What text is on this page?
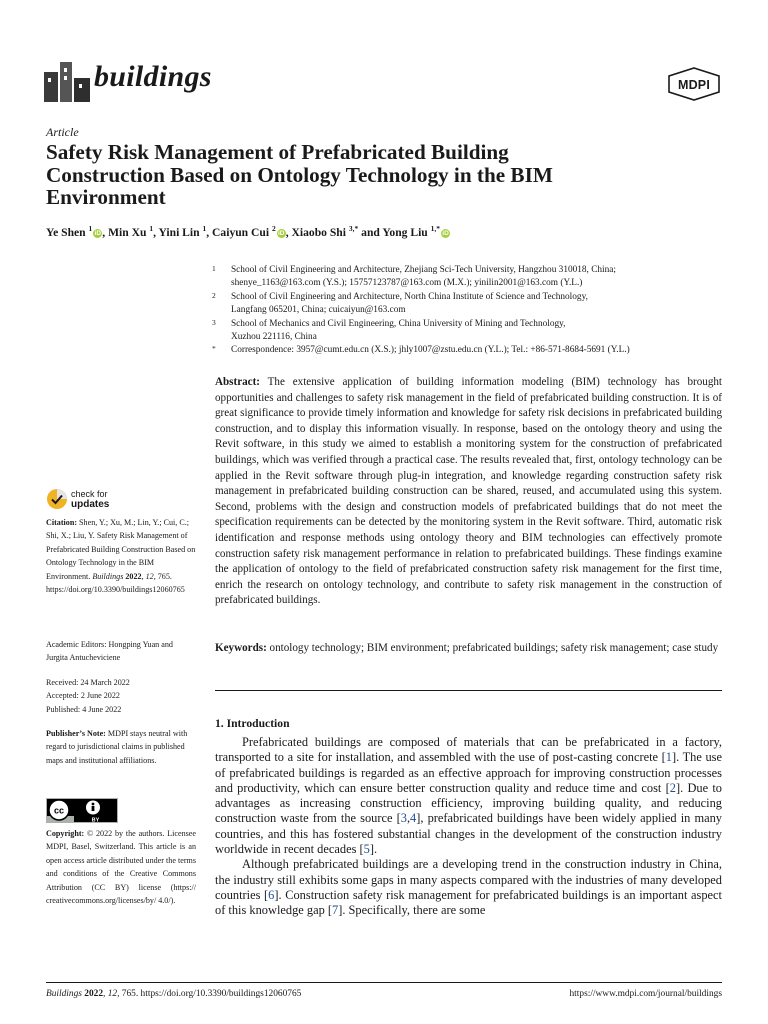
buildings	MDPI
Article
Safety Risk Management of Prefabricated Building Construction Based on Ontology Technology in the BIM Environment
Ye Shen $^1$iD, Min Xu $^1$, Yini Lin $^1$, Caiyun Cui $^2$iD, Xiaobo Shi $^{3,*}$ and Yong Liu $^{1,*}$iD
1	School of Civil Engineering and Architecture, Zhejiang Sci-Tech University, Hangzhou 310018, China;
shenye_1163@163.com (Y.S.); 15757123787@163.com (M.X.); yinilin2001@163.com (Y.L.)
2	School of Civil Engineering and Architecture, North China Institute of Science and Technology,
Langfang 065201, China; cuicaiyun@163.com
3	School of Mechanics and Civil Engineering, China University of Mining and Technology,
Xuzhou 221116, China
*	Correspondence: 3957@cumt.edu.cn (X.S.); jhly1007@zstu.edu.cn (Y.L.); Tel.: +86-571-8684-5691 (Y.L.)
Abstract: The extensive application of building information modeling (BIM) technology has brought opportunities and challenges to safety risk management in the field of prefabricated building construction. It is of great significance to provide timely information and knowledge for safety risk decisions in prefabricated building construction, and to display this information visually. In response, based on the ontology theory and using the Revit software, in this study we aimed to establish a monitoring system for the construction of prefabricated buildings, which was verified through a practical case. The results revealed that, first, ontology technology can be applied in the Revit software through plug-in integration, and knowledge regarding construction safety risk management in prefabricated building construction can be shared, reused, and accumulated using this system. Second, problems with the design and construction models of prefabricated buildings that do not meet the specification requirements can be detected by the monitoring system in the Revit software. Third, automatic risk identification and response methods using ontology theory and BIM technologies can effectively promote construction safety risk management performance in relation to prefabricated buildings. These findings examine the application of ontology to the field of prefabricated construction safety risk management for the first time, enrich the research on ontology technology, and contribute to safety risk management in the construction of prefabricated buildings.
Keywords: ontology technology; BIM environment; prefabricated buildings; safety risk management; case study
1. Introduction

Prefabricated buildings are composed of materials that can be prefabricated in a factory, transported to a site for installation, and assembled with the use of post-casting concrete [1]. The use of prefabricated buildings is regarded as an effective approach for improving construction processes and productivity, which can ensure better construction quality and reduce time and cost [2]. Due to advantages as increasing construction efficiency, improving building quality, and reducing construction waste from the source [3,4], prefabricated buildings have been widely applied in many countries, and this has fostered substantial changes in the development of the construction industry worldwide in recent decades [5].

Although prefabricated buildings are a developing trend in the construction industry in China, the industry still exhibits some gaps in many aspects compared with the industries of many developed countries [6]. Construction safety risk management for prefabricated buildings is an important aspect of this knowledge gap [7]. Specifically, there are some

check for
updates
Citation: Shen, Y.; Xu, M.; Lin, Y.; Cui, C.; Shi, X.; Liu, Y. Safety Risk Management of Prefabricated Building Construction Based on Ontology Technology in the BIM Environment. Buildings 2022, 12, 765. https://doi.org/10.3390/buildings12060765
Academic Editors: Hongping Yuan and Jurgita Antucheviciene
Received: 24 March 2022
Accepted: 2 June 2022
Published: 4 June 2022
Publisher’s Note: MDPI stays neutral with regard to jurisdictional claims in published maps and institutional affiliations.
cc
BY
Copyright: © 2022 by the authors. Licensee MDPI, Basel, Switzerland. This article is an open access article distributed under the terms and conditions of the Creative Commons Attribution (CC BY) license (https:// creativecommons.org/licenses/by/ 4.0/).
Buildings 2022, 12, 765. https://doi.org/10.3390/buildings12060765	https://www.mdpi.com/journal/buildings
